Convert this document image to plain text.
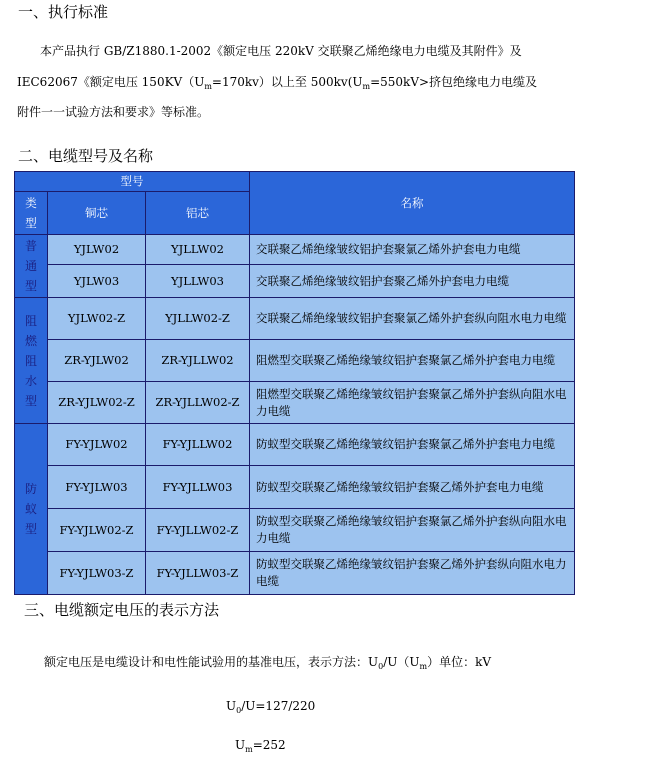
一、执行标准
本产品执行 GB/Z1880.1-2002《额定电压 220kV 交联聚乙烯绝缘电力电缆及其附件》及
IEC62067《额定电压 $150KV(U_m=170kv)$以上至 $500kv(U_m=550kV>$挤包绝缘电力电缆及
附件一一试验方法和要求》等标准。
二、电缆型号及名称
型号			名称

类
型	铜芯	铝芯	

普
通
型	YJLW02	YJLLW02	交联聚乙烯绝缘皱纹铝护套聚氯乙烯外护套电力电缆
	YJLW03	YJLLW03	交联聚乙烯绝缘皱纹铝护套聚乙烯外护套电力电缆

阻
燃
阻
水
型	YJLW02-Z	YJLLW02-Z	交联聚乙烯绝缘皱纹铝护套聚氯乙烯外护套纵向阻水电力电缆
	ZR-YJLW02	ZR-YJLLW02	阻燃型交联聚乙烯绝缘皱纹铝护套聚氯乙烯外护套电力电缆
	ZR-YJLW02-Z	ZR-YJLLW02-Z	阻燃型交联聚乙烯绝缘皱纹铝护套聚氯乙烯外护套纵向阻水电力电缆

防
蚁
型	FY-YJLW02	FY-YJLLW02	防蚁型交联聚乙烯绝缘皱纹铝护套聚氯乙烯外护套电力电缆
	FY-YJLW03	FY-YJLLW03	防蚁型交联聚乙烯绝缘皱纹铝护套聚乙烯外护套电力电缆
	FY-YJLW02-Z	FY-YJLLW02-Z	防蚁型交联聚乙烯绝缘皱纹铝护套聚氯乙烯外护套纵向阻水电力电缆
	FY-YJLW03-Z	FY-YJLLW03-Z	防蚁型交联聚乙烯绝缘皱纹铝护套聚乙烯外护套纵向阻水电力电缆
三、电缆额定电压的表示方法
额定电压是电缆设计和电性能试验用的基准电压，表示方法：$U_0/U(U_m)$单位：kV
$U_0/U=127/220$
$U_m=252$
